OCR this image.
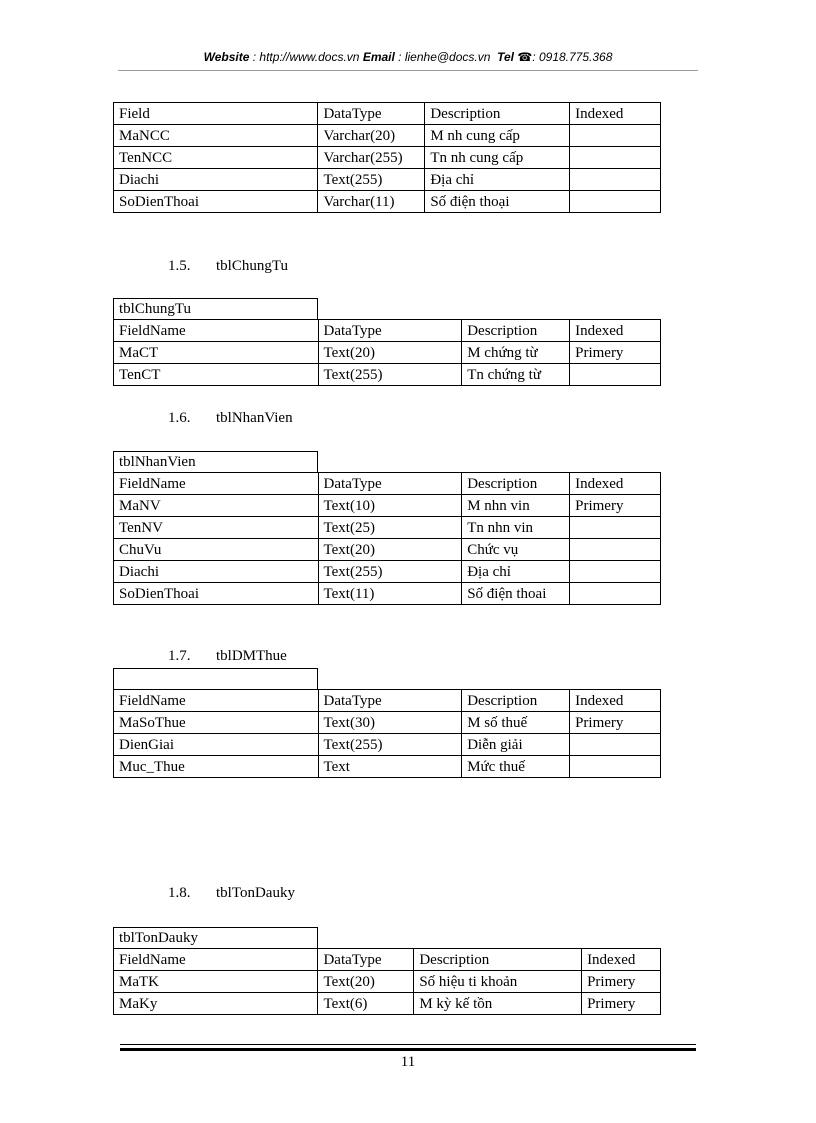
Website : http://www.docs.vn Email : lienhe@docs.vn Tel ☎: 0918.775.368
Field	DataType	Description	Indexed
MaNCC	Varchar(20)	M nh cung cấp	
TenNCC	Varchar(255)	Tn nh cung cấp	
Diachi	Text(255)	Địa chỉ	
SoDienThoai	Varchar(11)	Số điện thoại	
1.5. tblChungTu
tblChungTu
FieldName	DataType	Description	Indexed
MaCT	Text(20)	M chứng từ	Primery
TenCT	Text(255)	Tn chứng từ	
1.6. tblNhanVien
tblNhanVien
FieldName	DataType	Description	Indexed
MaNV	Text(10)	M nhn vin	Primery
TenNV	Text(25)	Tn nhn vin	
ChuVu	Text(20)	Chức vụ	
Diachi	Text(255)	Địa chỉ	
SoDienThoai	Text(11)	Số điện thoai	
1.7. tblDMThue
FieldName	DataType	Description	Indexed
MaSoThue	Text(30)	M số thuế	Primery
DienGiai	Text(255)	Diễn giải	
Muc_Thue	Text	Mức thuế	
1.8. tblTonDauky
tblTonDauky
FieldName	DataType	Description	Indexed
MaTK	Text(20)	Số hiệu ti khoản	Primery
MaKy	Text(6)	M kỳ kế tồn	Primery
11
